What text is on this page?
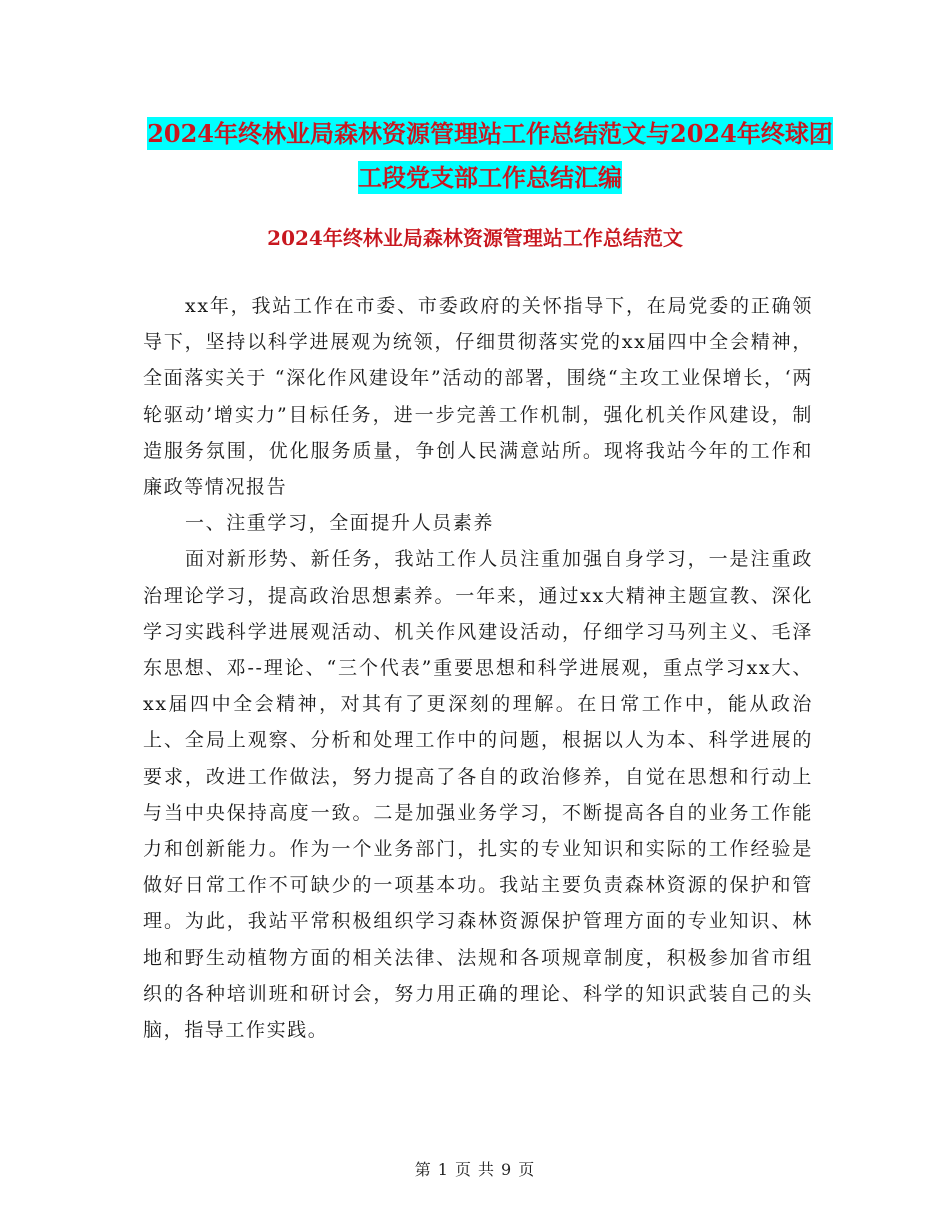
2024年终林业局森林资源管理站工作总结范文与2024年终球团工段党支部工作总结汇编
2024年终林业局森林资源管理站工作总结范文

xx年，我站工作在市委、市委政府的关怀指导下，在局党委的正确领导下，坚持以科学进展观为统领，仔细贯彻落实党的xx届四中全会精神，全面落实关于 “深化作风建设年”活动的部署，围绕“主攻工业保增长，‘两轮驱动’增实力”目标任务，进一步完善工作机制，强化机关作风建设，制造服务氛围，优化服务质量，争创人民满意站所。现将我站今年的工作和廉政等情况报告

一、注重学习，全面提升人员素养

面对新形势、新任务，我站工作人员注重加强自身学习，一是注重政治理论学习，提高政治思想素养。一年来，通过xx大精神主题宣教、深化学习实践科学进展观活动、机关作风建设活动，仔细学习马列主义、毛泽东思想、邓--理论、“三个代表”重要思想和科学进展观，重点学习xx大、xx届四中全会精神，对其有了更深刻的理解。在日常工作中，能从政治上、全局上观察、分析和处理工作中的问题，根据以人为本、科学进展的要求，改进工作做法，努力提高了各自的政治修养，自觉在思想和行动上与当中央保持高度一致。二是加强业务学习，不断提高各自的业务工作能力和创新能力。作为一个业务部门，扎实的专业知识和实际的工作经验是做好日常工作不可缺少的一项基本功。我站主要负责森林资源的保护和管理。为此，我站平常积极组织学习森林资源保护管理方面的专业知识、林地和野生动植物方面的相关法律、法规和各项规章制度，积极参加省市组织的各种培训班和研讨会，努力用正确的理论、科学的知识武装自己的头脑，指导工作实践。

第 1 页 共 9 页
